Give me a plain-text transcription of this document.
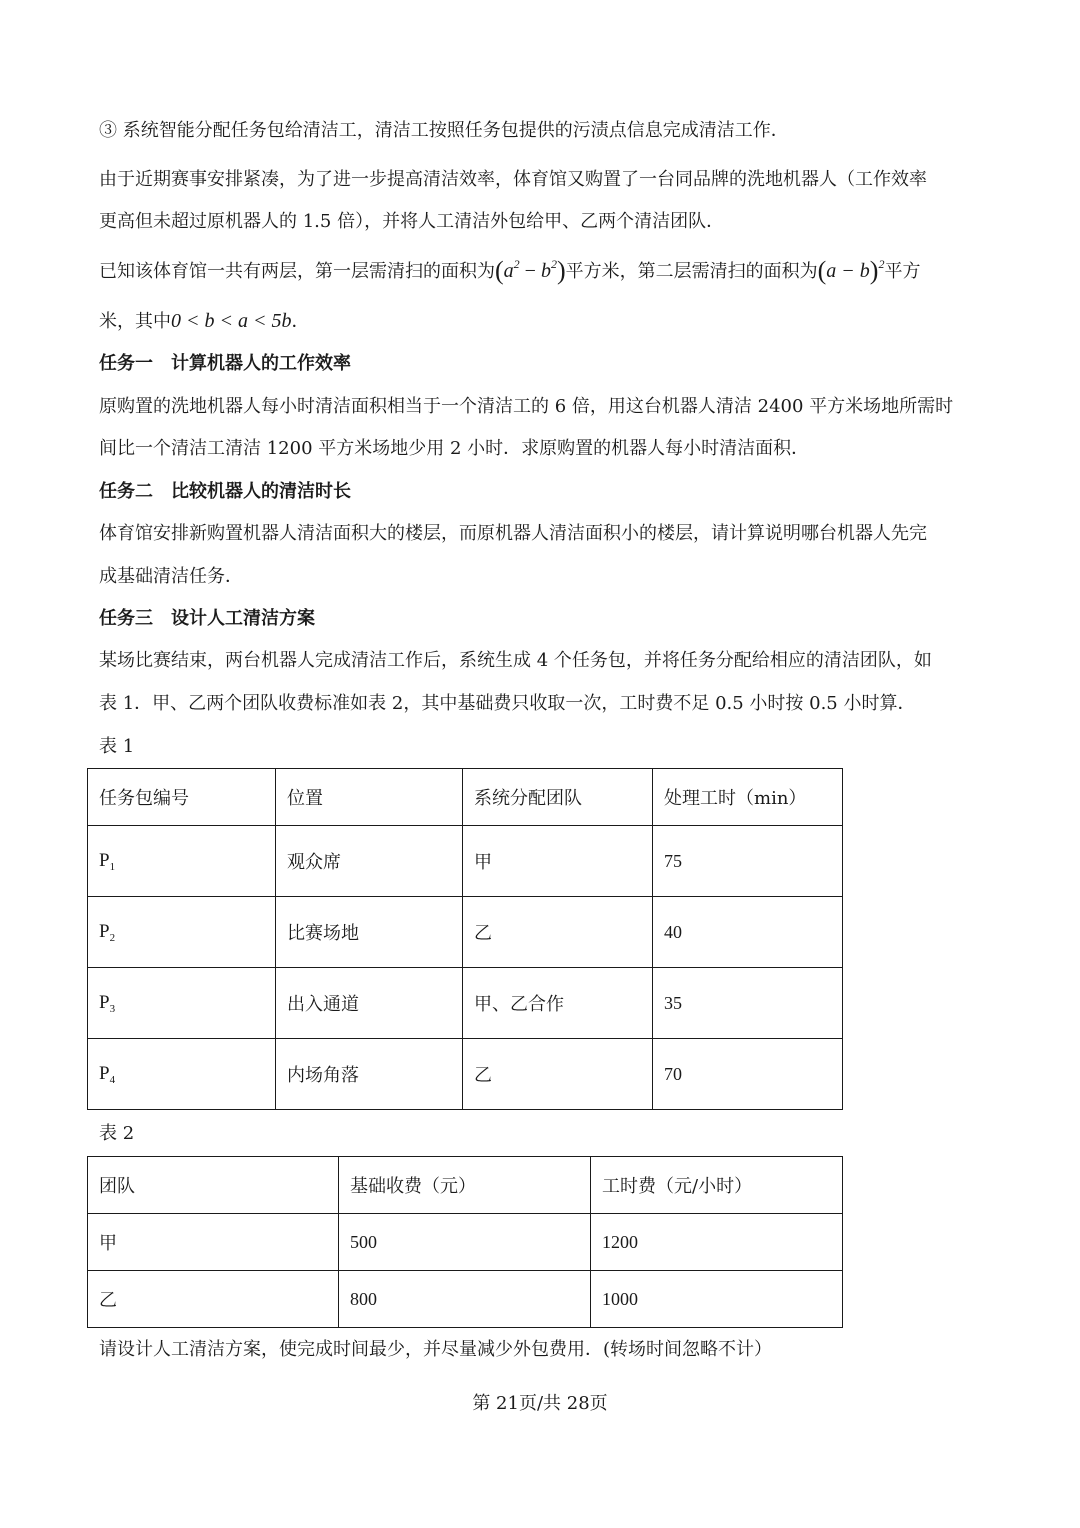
③ 系统智能分配任务包给清洁工，清洁工按照任务包提供的污渍点信息完成清洁工作．
由于近期赛事安排紧凑，为了进一步提高清洁效率，体育馆又购置了一台同品牌的洗地机器人（工作效率
更高但未超过原机器人的 1.5 倍），并将人工清洁外包给甲、乙两个清洁团队．
已知该体育馆一共有两层，第一层需清扫的面积为$(a^2 - b^2)$平方米，第二层需清扫的面积为$(a - b)^2$平方
米，其中0 < b < a < 5b．
任务一　计算机器人的工作效率
原购置的洗地机器人每小时清洁面积相当于一个清洁工的 6 倍，用这台机器人清洁 2400 平方米场地所需时
间比一个清洁工清洁 1200 平方米场地少用 2 小时．求原购置的机器人每小时清洁面积．
任务二　比较机器人的清洁时长
体育馆安排新购置机器人清洁面积大的楼层，而原机器人清洁面积小的楼层，请计算说明哪台机器人先完
成基础清洁任务．
任务三　设计人工清洁方案
某场比赛结束，两台机器人完成清洁工作后，系统生成 4 个任务包，并将任务分配给相应的清洁团队，如
表 1．甲、乙两个团队收费标准如表 2，其中基础费只收取一次，工时费不足 0.5 小时按 0.5 小时算．
表 1
任务包编号	位置	系统分配团队	处理工时（min）
$P_1$	观众席	甲	75
$P_2$	比赛场地	乙	40
$P_3$	出入通道	甲、乙合作	35
$P_4$	内场角落	乙	70
表 2
团队	基础收费（元）	工时费（元/小时）
甲	500	1200
乙	800	1000
请设计人工清洁方案，使完成时间最少，并尽量减少外包费用．(转场时间忽略不计）
第 21页/共 28页
